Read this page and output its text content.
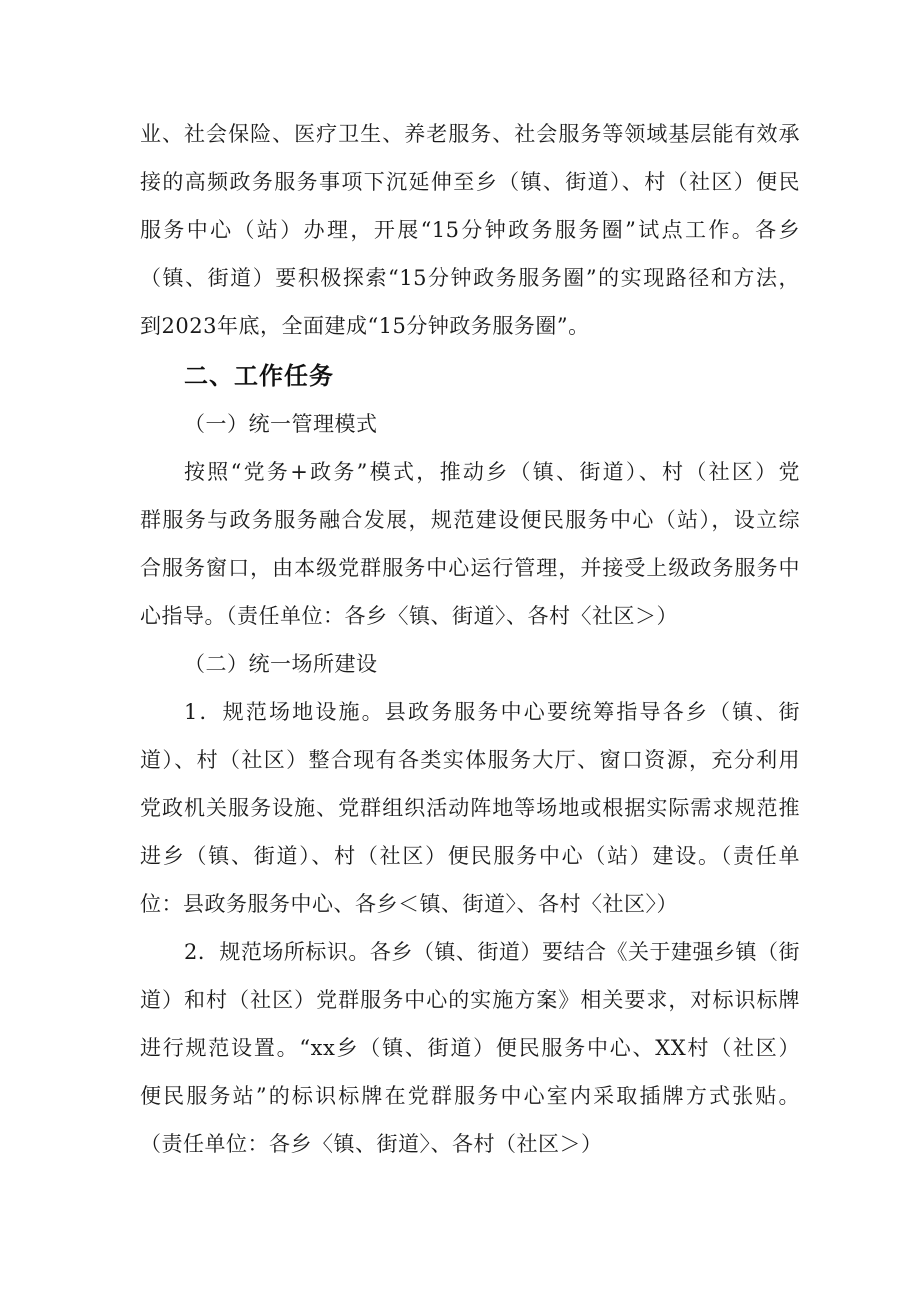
业、社会保险、医疗卫生、养老服务、社会服务等领域基层能有效承

接的高频政务服务事项下沉延伸至乡（镇、街道）、村（社区）便民

服务中心（站）办理，开展“15分钟政务服务圈”试点工作。各乡

（镇、街道）要积极探索“15分钟政务服务圈”的实现路径和方法，

到2023年底，全面建成“15分钟政务服务圈”。

二、工作任务

（一）统一管理模式

按照“党务+政务”模式，推动乡（镇、街道）、村（社区）党

群服务与政务服务融合发展，规范建设便民服务中心（站），设立综

合服务窗口，由本级党群服务中心运行管理，并接受上级政务服务中

心指导。（责任单位：各乡〈镇、街道〉、各村〈社区＞）

（二）统一场所建设

1．规范场地设施。县政务服务中心要统筹指导各乡（镇、街

道）、村（社区）整合现有各类实体服务大厅、窗口资源，充分利用

党政机关服务设施、党群组织活动阵地等场地或根据实际需求规范推

进乡（镇、街道）、村（社区）便民服务中心（站）建设。（责任单

位：县政务服务中心、各乡＜镇、街道〉、各村〈社区〉）

2．规范场所标识。各乡（镇、街道）要结合《关于建强乡镇（街

道）和村（社区）党群服务中心的实施方案》相关要求，对标识标牌

进行规范设置。“xx乡（镇、街道）便民服务中心、XX村（社区）

便民服务站”的标识标牌在党群服务中心室内采取插牌方式张贴。

（责任单位：各乡〈镇、街道〉、各村（社区＞）
